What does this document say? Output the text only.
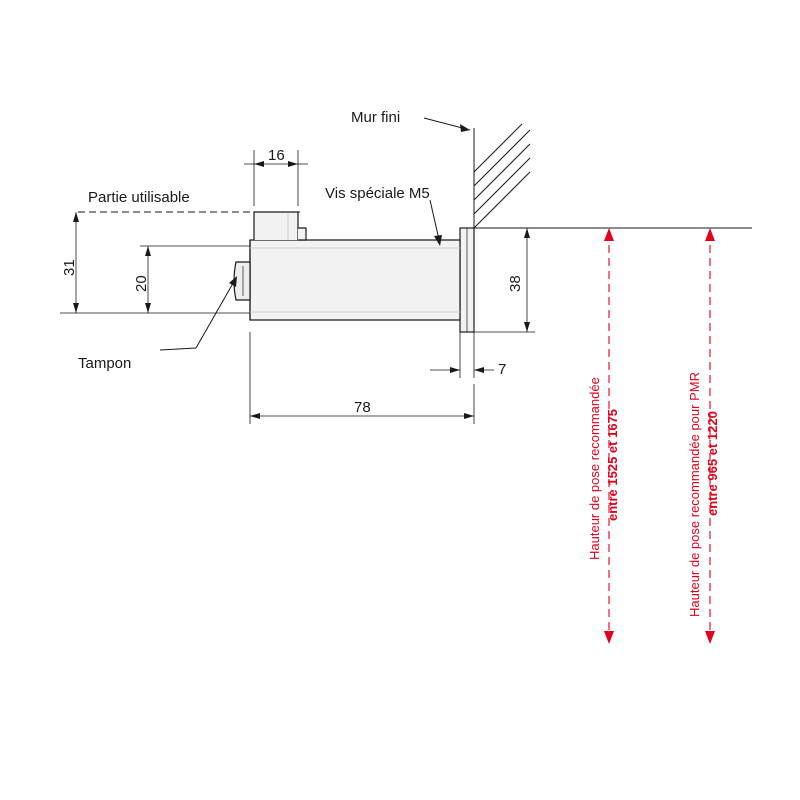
Mur fini
Vis spéciale M5
Partie utilisable
Tampon
16
31
20	38
7
78	Hauteur de pose recommandée entre 1525 et 1675	Hauteur de pose recommandée pour PMR entre 965 et 1220
